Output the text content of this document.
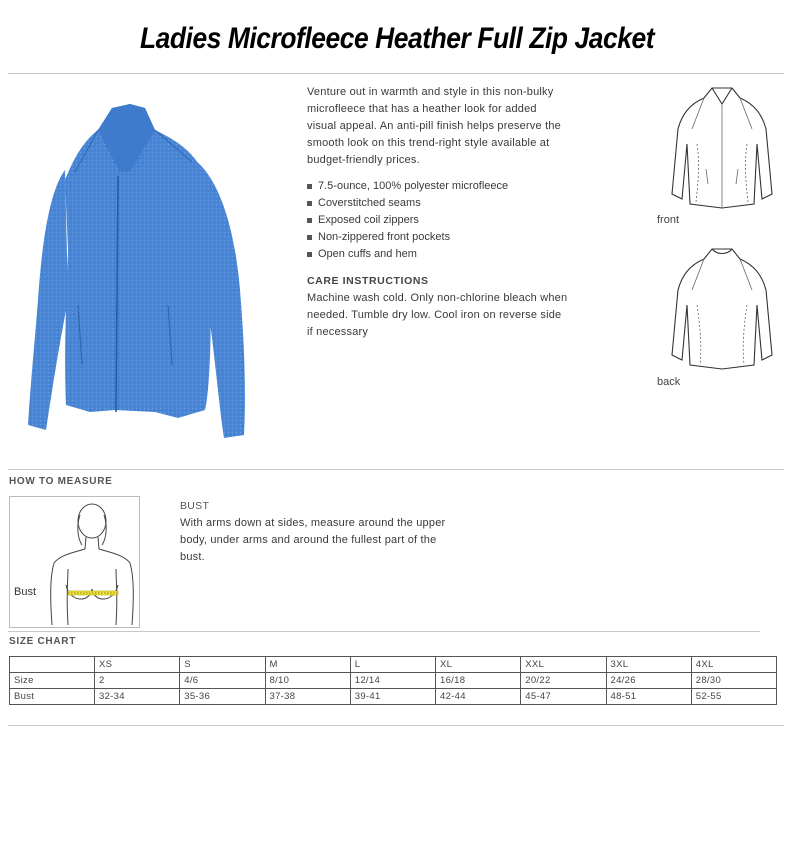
Ladies Microfleece Heather Full Zip Jacket
Venture out in warmth and style in this non-bulky microfleece that has a heather look for added visual appeal. An anti-pill finish helps preserve the smooth look on this trend-right style available at budget-friendly prices.
7.5-ounce, 100% polyester microfleece
Coverstitched seams
Exposed coil zippers
Non-zippered front pockets
Open cuffs and hem
CARE INSTRUCTIONS
Machine wash cold. Only non-chlorine bleach when needed. Tumble dry low. Cool iron on reverse side if necessary
front
back
HOW TO MEASURE
Bust
BUST
With arms down at sides, measure around the upper body, under arms and around the fullest part of the bust.
SIZE CHART
	XS	S	M	L	XL	XXL	3XL	4XL
Size	2	4/6	8/10	12/14	16/18	20/22	24/26	28/30
Bust	32-34	35-36	37-38	39-41	42-44	45-47	48-51	52-55
